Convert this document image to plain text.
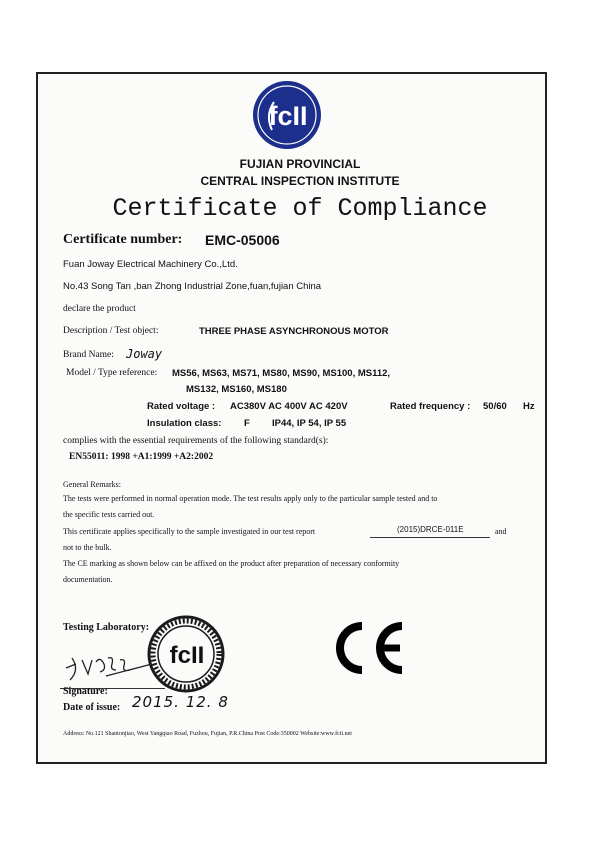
fcII
FUJIAN PROVINCIAL
CENTRAL INSPECTION INSTITUTE
Certificate of Compliance
Certificate number: EMC-05006
Fuan Joway Electrical Machinery Co.,Ltd.
No.43 Song Tan ,ban Zhong Industrial Zone,fuan,fujian China
declare the product
Description / Test object:	THREE PHASE ASYNCHRONOUS MOTOR
Brand Name: Joway
Model / Type reference: MS56, MS63, MS71, MS80, MS90, MS100, MS112,
MS132, MS160, MS180
Rated voltage : AC380V AC 400V AC 420V	Rated frequency : 50/60 Hz
Insulation class: F IP44, IP 54, IP 55
complies with the essential requirements of the following standard(s):
EN55011: 1998 +A1:1999 +A2:2002
General Remarks:
The tests were performed in normal operation mode. The test results apply only to the particular sample tested and to
the specific tests carried out.
This certificate applies specifically to the sample investigated in our test report	(2015)DRCE-011E	and
not to the bulk.
The CE marking as shown below can be affixed on the product after preparation of necessary conformity
documentation.
Testing Laboratory:
fcII
Signature:
Date of issue: 2015. 12. 8
Address: No.121 Shantonjiao, West Yangqiao Road, Fuzhou, Fujian, P.R.China Post Code:350002 Website:www.fcii.net
